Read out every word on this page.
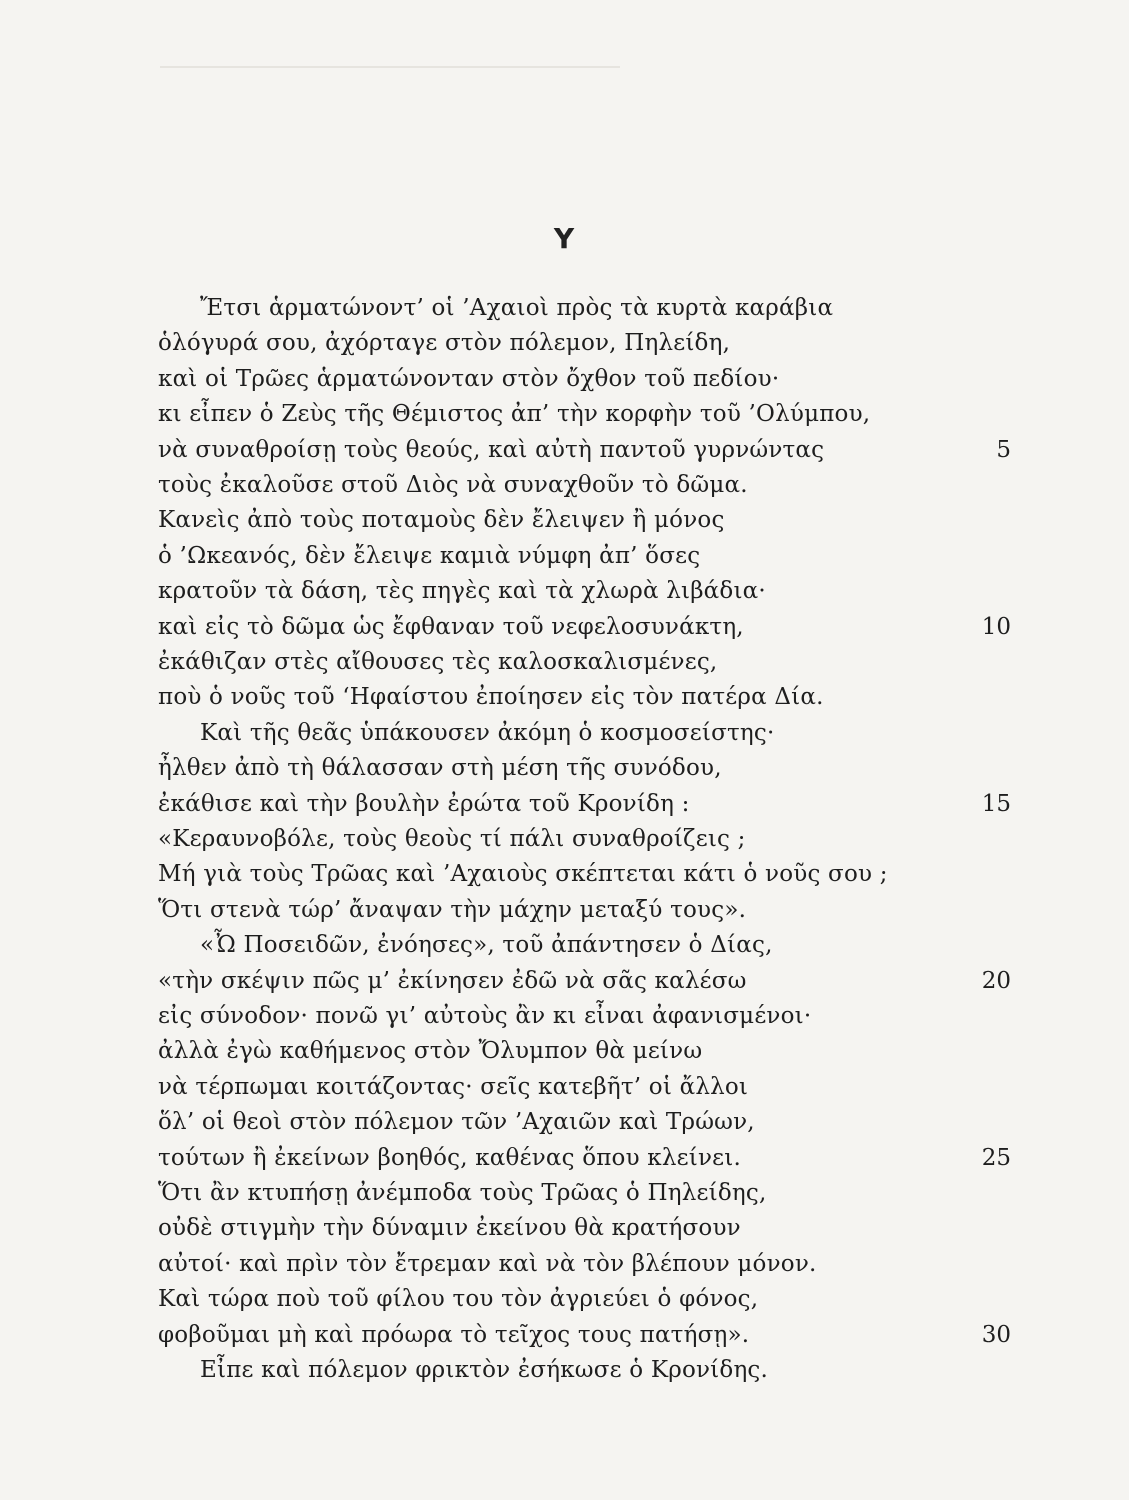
Y
Ἔτσι ἁρματώνοντ’ οἱ ’Αχαιοὶ πρὸς τὰ κυρτὰ καράβια
ὁλόγυρά σου, ἀχόρταγε στὸν πόλεμον, Πηλείδη,
καὶ οἱ Τρῶες ἁρματώνονταν στὸν ὄχθον τοῦ πεδίου·
κι εἶπεν ὁ Ζεὺς τῆς Θέμιστος ἀπ’ τὴν κορφὴν τοῦ ’Ολύμπου,
νὰ συναθροίσῃ τοὺς θεούς, καὶ αὐτὴ παντοῦ γυρνώντας	5
τοὺς ἐκαλοῦσε στοῦ Διὸς νὰ συναχθοῦν τὸ δῶμα.
Κανεὶς ἀπὸ τοὺς ποταμοὺς δὲν ἔλειψεν ἢ μόνος
ὁ ’Ωκεανός, δὲν ἔλειψε καμιὰ νύμφη ἀπ’ ὅσες
κρατοῦν τὰ δάση, τὲς πηγὲς καὶ τὰ χλωρὰ λιβάδια·
καὶ εἰς τὸ δῶμα ὡς ἔφθαναν τοῦ νεφελοσυνάκτη,	10
ἐκάθιζαν στὲς αἴθουσες τὲς καλοσκαλισμένες,
ποὺ ὁ νοῦς τοῦ ‘Ηφαίστου ἐποίησεν εἰς τὸν πατέρα Δία.
Καὶ τῆς θεᾶς ὑπάκουσεν ἀκόμη ὁ κοσμοσείστης·
ἦλθεν ἀπὸ τὴ θάλασσαν στὴ μέση τῆς συνόδου,
ἐκάθισε καὶ τὴν βουλὴν ἐρώτα τοῦ Κρονίδη :	15
«Κεραυνοβόλε, τοὺς θεοὺς τί πάλι συναθροίζεις ;
Μή γιὰ τοὺς Τρῶας καὶ ’Αχαιοὺς σκέπτεται κάτι ὁ νοῦς σου ;
Ὅτι στενὰ τώρ’ ἄναψαν τὴν μάχην μεταξύ τους».
«Ὦ Ποσειδῶν, ἐνόησες», τοῦ ἀπάντησεν ὁ Δίας,
«τὴν σκέψιν πῶς μ’ ἐκίνησεν ἐδῶ νὰ σᾶς καλέσω	20
εἰς σύνοδον· πονῶ γι’ αὐτοὺς ἂν κι εἶναι ἀφανισμένοι·
ἀλλὰ ἐγὼ καθήμενος στὸν Ὄλυμπον θὰ μείνω
νὰ τέρπωμαι κοιτάζοντας· σεῖς κατεβῆτ’ οἱ ἄλλοι
ὅλ’ οἱ θεοὶ στὸν πόλεμον τῶν ’Αχαιῶν καὶ Τρώων,
τούτων ἢ ἐκείνων βοηθός, καθένας ὅπου κλείνει.	25
Ὅτι ἂν κτυπήσῃ ἀνέμποδα τοὺς Τρῶας ὁ Πηλείδης,
οὐδὲ στιγμὴν τὴν δύναμιν ἐκείνου θὰ κρατήσουν
αὐτοί· καὶ πρὶν τὸν ἔτρεμαν καὶ νὰ τὸν βλέπουν μόνον.
Καὶ τώρα ποὺ τοῦ φίλου του τὸν ἀγριεύει ὁ φόνος,
φοβοῦμαι μὴ καὶ πρόωρα τὸ τεῖχος τους πατήσῃ».	30
Εἶπε καὶ πόλεμον φρικτὸν ἐσήκωσε ὁ Κρονίδης.
